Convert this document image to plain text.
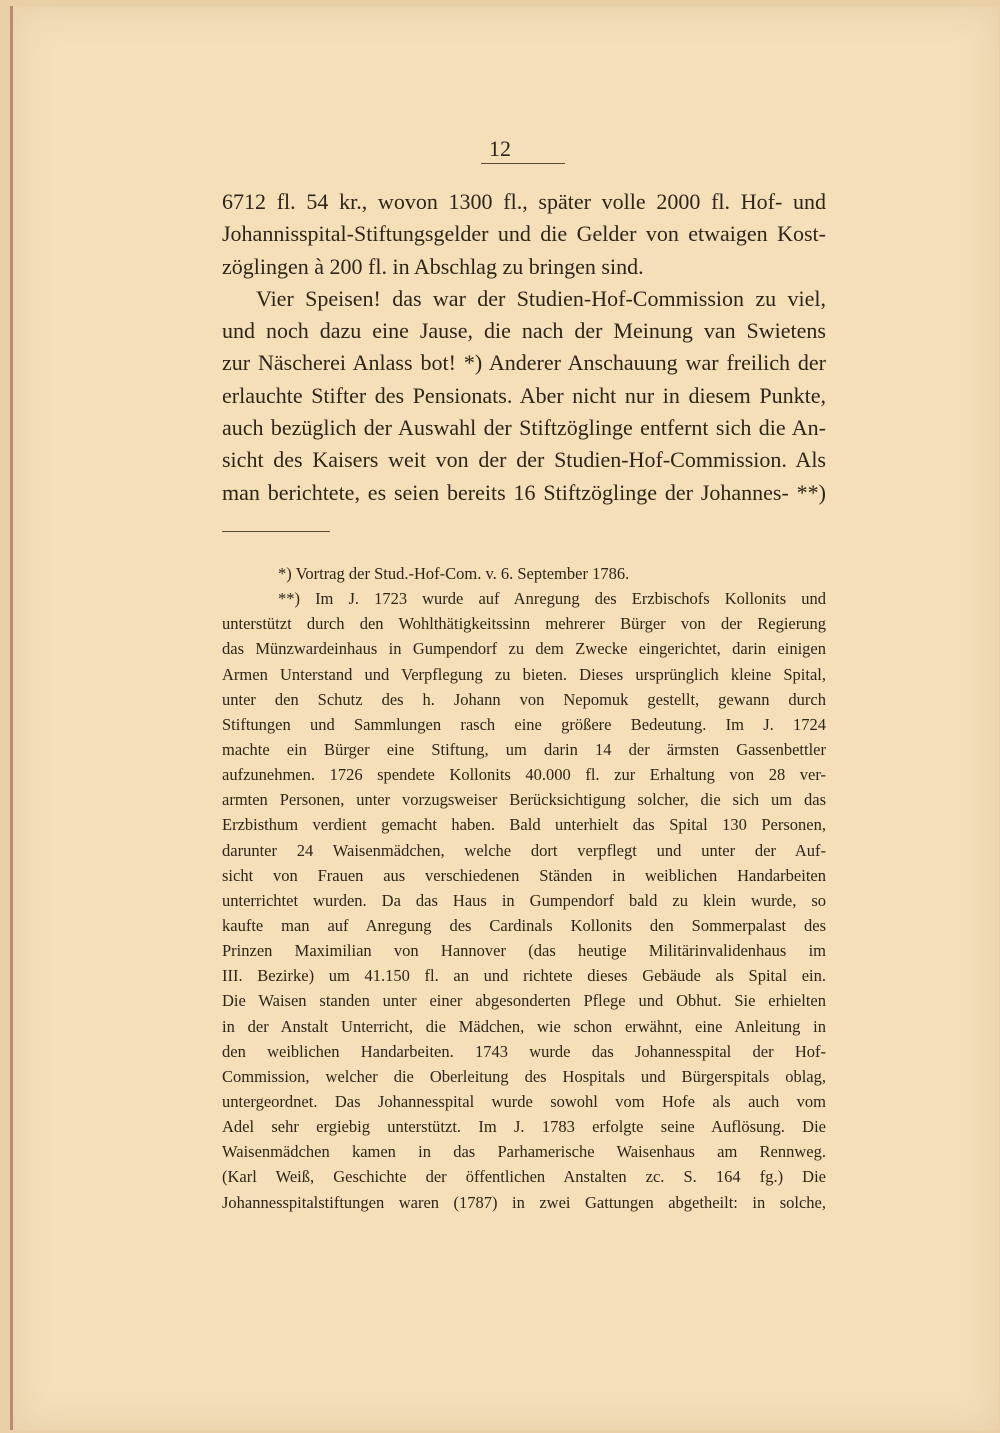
12
6712 fl. 54 kr., wovon 1300 fl., später volle 2000 fl. Hof- und
Johannisspital-Stiftungsgelder und die Gelder von etwaigen Kost-
zöglingen à 200 fl. in Abschlag zu bringen sind.
Vier Speisen! das war der Studien-Hof-Commission zu viel,
und noch dazu eine Jause, die nach der Meinung van Swietens
zur Näscherei Anlass bot! *) Anderer Anschauung war freilich der
erlauchte Stifter des Pensionats. Aber nicht nur in diesem Punkte,
auch bezüglich der Auswahl der Stiftzöglinge entfernt sich die An-
sicht des Kaisers weit von der der Studien-Hof-Commission. Als
man berichtete, es seien bereits 16 Stiftzöglinge der Johannes- **)
*) Vortrag der Stud.-Hof-Com. v. 6. September 1786.
**) Im J. 1723 wurde auf Anregung des Erzbischofs Kollonits und
unterstützt durch den Wohlthätigkeitssinn mehrerer Bürger von der Regierung
das Münzwardeinhaus in Gumpendorf zu dem Zwecke eingerichtet, darin einigen
Armen Unterstand und Verpflegung zu bieten. Dieses ursprünglich kleine Spital,
unter den Schutz des h. Johann von Nepomuk gestellt, gewann durch
Stiftungen und Sammlungen rasch eine größere Bedeutung. Im J. 1724
machte ein Bürger eine Stiftung, um darin 14 der ärmsten Gassenbettler
aufzunehmen. 1726 spendete Kollonits 40.000 fl. zur Erhaltung von 28 ver-
armten Personen, unter vorzugsweiser Berücksichtigung solcher, die sich um das
Erzbisthum verdient gemacht haben. Bald unterhielt das Spital 130 Personen,
darunter 24 Waisenmädchen, welche dort verpflegt und unter der Auf-
sicht von Frauen aus verschiedenen Ständen in weiblichen Handarbeiten
unterrichtet wurden. Da das Haus in Gumpendorf bald zu klein wurde, so
kaufte man auf Anregung des Cardinals Kollonits den Sommerpalast des
Prinzen Maximilian von Hannover (das heutige Militärinvalidenhaus im
III. Bezirke) um 41.150 fl. an und richtete dieses Gebäude als Spital ein.
Die Waisen standen unter einer abgesonderten Pflege und Obhut. Sie erhielten
in der Anstalt Unterricht, die Mädchen, wie schon erwähnt, eine Anleitung in
den weiblichen Handarbeiten. 1743 wurde das Johannesspital der Hof-
Commission, welcher die Oberleitung des Hospitals und Bürgerspitals oblag,
untergeordnet. Das Johannesspital wurde sowohl vom Hofe als auch vom
Adel sehr ergiebig unterstützt. Im J. 1783 erfolgte seine Auflösung. Die
Waisenmädchen kamen in das Parhamerische Waisenhaus am Rennweg.
(Karl Weiß, Geschichte der öffentlichen Anstalten zc. S. 164 fg.) Die
Johannesspitalstiftungen waren (1787) in zwei Gattungen abgetheilt: in solche,
